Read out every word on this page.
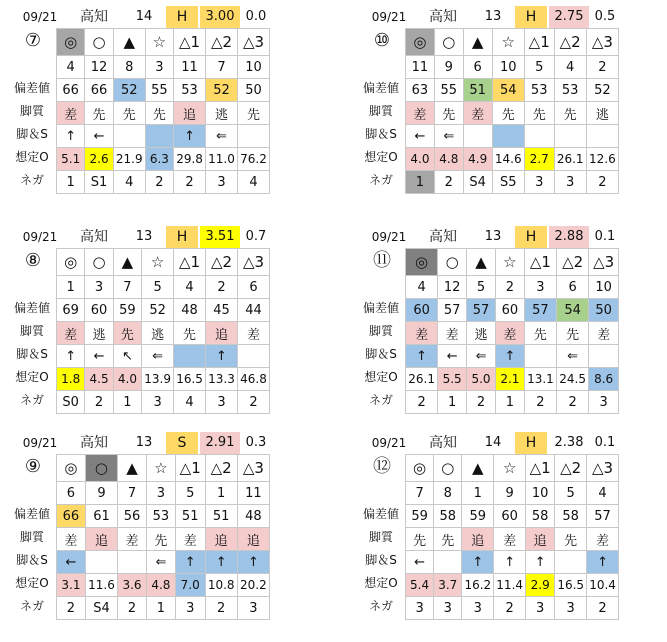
09/21	高知	14	H	3.00 0.0
⑦
偏差値
脚質
脚＆S
想定O
ネガ
◎	○	▲	☆	△1	△2	△3
4	12	8	3	11	7	10
66	66	52	55	53	52	50
差	先	先	先	追	逃	先
↑	←			↑	⇐	
5.1	2.6	21.9	6.3	29.8	11.0	76.2
1	S1	4	2	2	3	4
09/21	高知	13	H	2.75 0.5
⑩
偏差値
脚質
脚＆S
想定O
ネガ
◎	○	▲	☆	△1	△2	△3
11	9	6	10	5	4	2
63	55	51	54	53	53	52
差	先	差	先	先	先	逃
←	⇐					
4.0	4.8	4.9	14.6	2.7	26.1	12.6
1	2	S4	S5	3	3	2
09/21	高知	13	H	3.51 0.7
⑧
偏差値
脚質
脚＆S
想定O
ネガ
◎	○	▲	☆	△1	△2	△3
1	3	7	5	4	2	6
69	60	59	52	48	45	44
差	逃	先	逃	先	追	差
↑	←	↖	⇐		↑	
1.8	4.5	4.0	13.9	16.5	13.3	46.8
S0	2	1	3	4	3	2
09/21	高知	13	H	2.88 0.1
⑪
偏差値
脚質
脚＆S
想定O
ネガ
◎	○	▲	☆	△1	△2	△3
4	12	5	2	3	6	10
60	57	57	60	57	54	50
差	差	逃	差	先	先	差
↑	←	⇐	↑		⇐	
26.1	5.5	5.0	2.1	13.1	24.5	8.6
2	1	2	1	2	2	3
09/21	高知	13	S	2.91 0.3
⑨
偏差値
脚質
脚＆S
想定O
ネガ
◎	○	▲	☆	△1	△2	△3
6	9	7	3	5	1	11
66	61	56	53	51	51	48
差	追	差	先	差	追	追
←			⇐	↑	↑	↑
3.1	11.6	3.6	4.8	7.0	10.8	20.2
2	S4	2	1	3	2	3
09/21	高知	14	H	2.38 0.1
⑫
偏差値
脚質
脚＆S
想定O
ネガ
◎	○	▲	☆	△1	△2	△3
7	8	1	9	10	5	4
59	58	59	60	58	58	57
先	先	追	差	追	先	差
←		↑	↑	↑		↑
5.4	3.7	16.2	11.4	2.9	16.5	10.4
3	3	3	2	3	3	2
